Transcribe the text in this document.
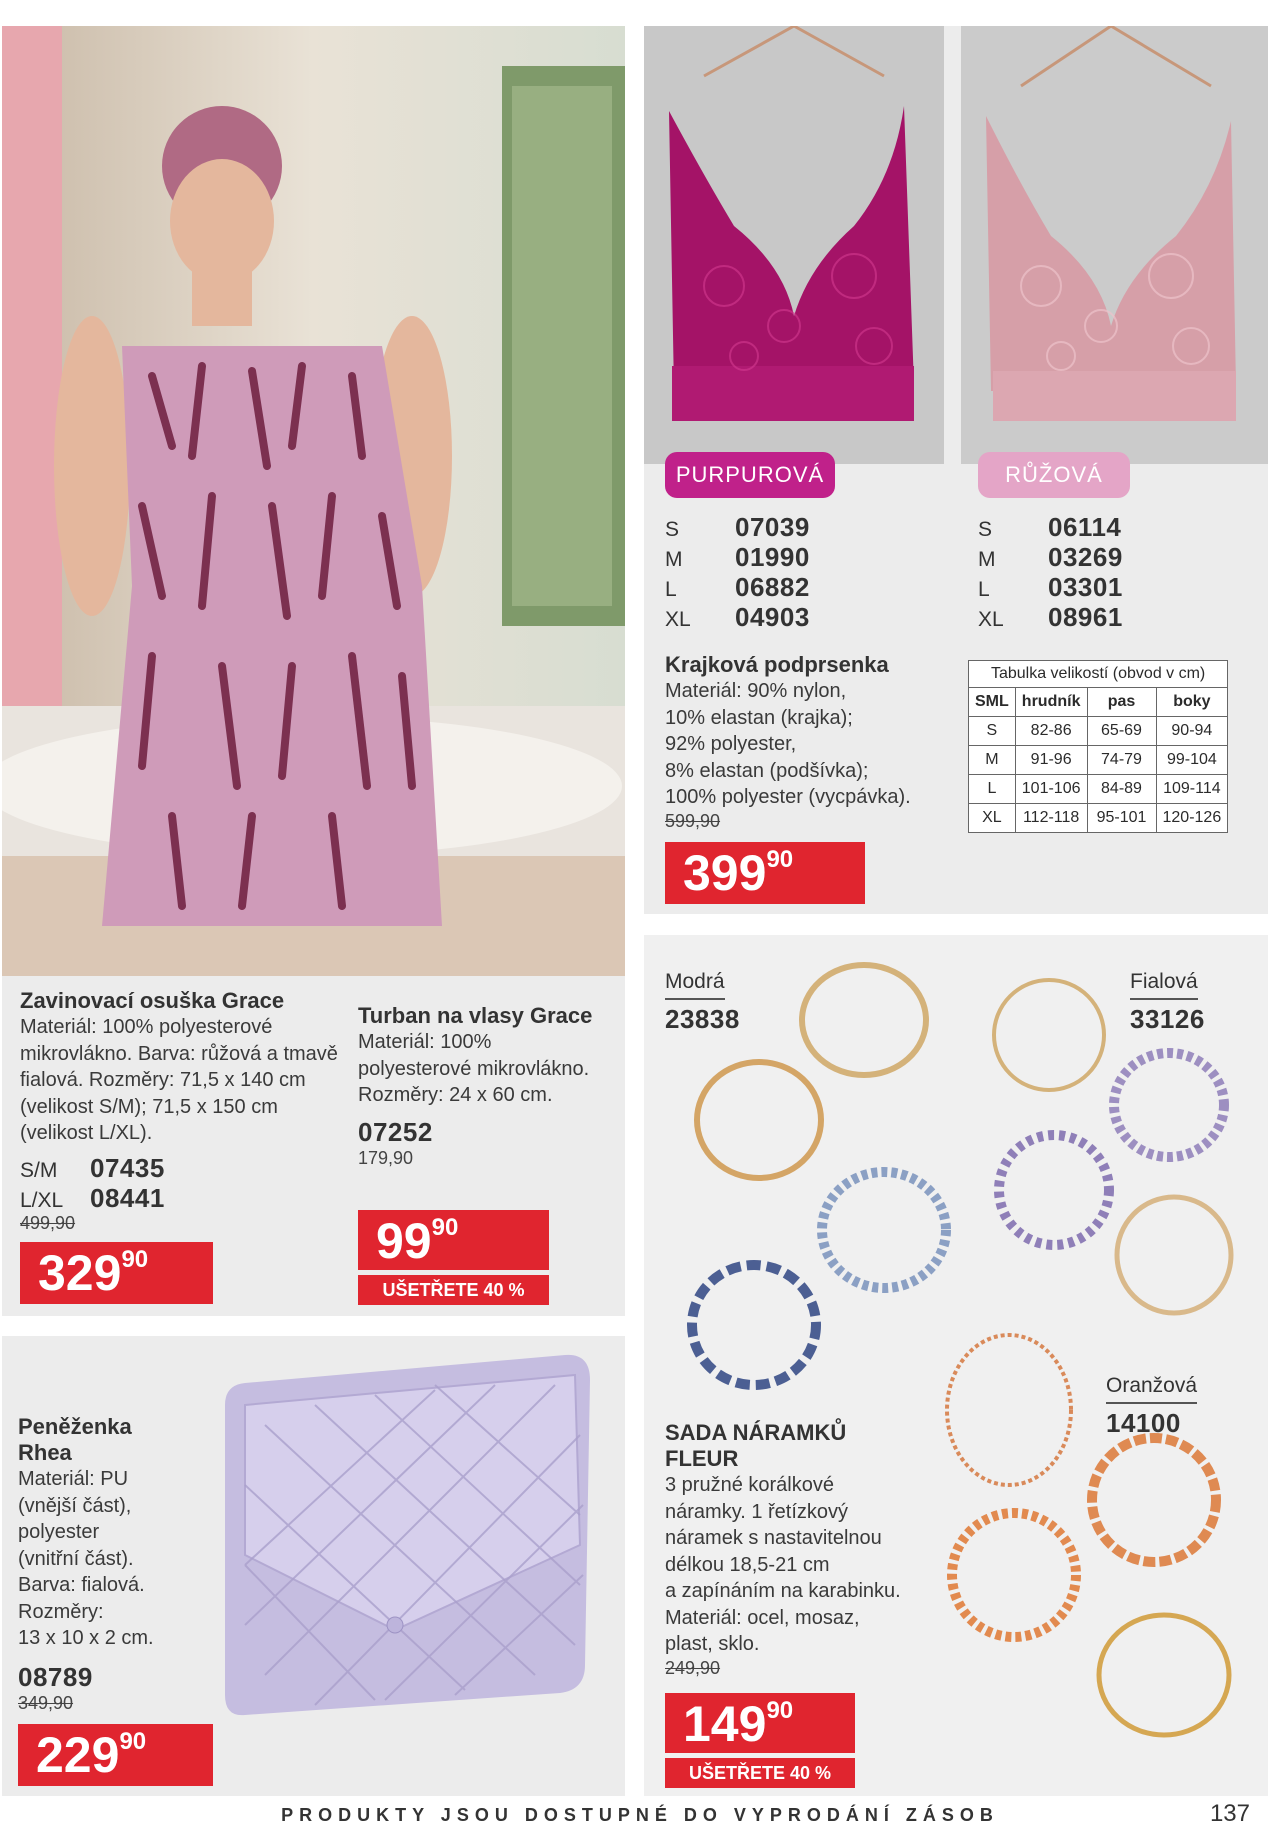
Zavinovací osuška Grace
Materiál: 100% polyesterové mikrovlákno. Barva: růžová a tmavě fialová. Rozměry: 71,5 x 140 cm (velikost S/M); 71,5 x 150 cm (velikost L/XL).
S/M	07435
L/XL	08441
499,90
329 90
Turban na vlasy Grace
Materiál: 100% polyesterové mikrovlákno. Rozměry: 24 x 60 cm.
07252
179,90
99 90
UŠETŘETE 40 %
Peněženka
Rhea
Materiál: PU
(vnější část),
polyester
(vnitřní část).
Barva: fialová.
Rozměry:
13 x 10 x 2 cm.
08789
349,90
229 90
PURPUROVÁ	RŮŽOVÁ
S	07039
M	01990
L	06882
XL	04903
S	06114
M	03269
L	03301
XL	08961
Krajková podprsenka
Materiál: 90% nylon,
10% elastan (krajka);
92% polyester,
8% elastan (podšívka);
100% polyester (vycpávka).
599,90
399 90
Tabulka velikostí (obvod v cm)
SML	hrudník	pas	boky
S	82-86	65-69	90-94
M	91-96	74-79	99-104
L	101-106	84-89	109-114
XL	112-118	95-101	120-126
Modrá
23838
Fialová
33126
Oranžová
14100
SADA NÁRAMKŮ
FLEUR
3 pružné korálkové
náramky. 1 řetízkový
náramek s nastavitelnou
délkou 18,5-21 cm
a zapínáním na karabinku.
Materiál: ocel, mosaz,
plast, sklo.
249,90
149 90
UŠETŘETE 40 %
PRODUKTY JSOU DOSTUPNÉ DO VYPRODÁNÍ ZÁSOB	137
